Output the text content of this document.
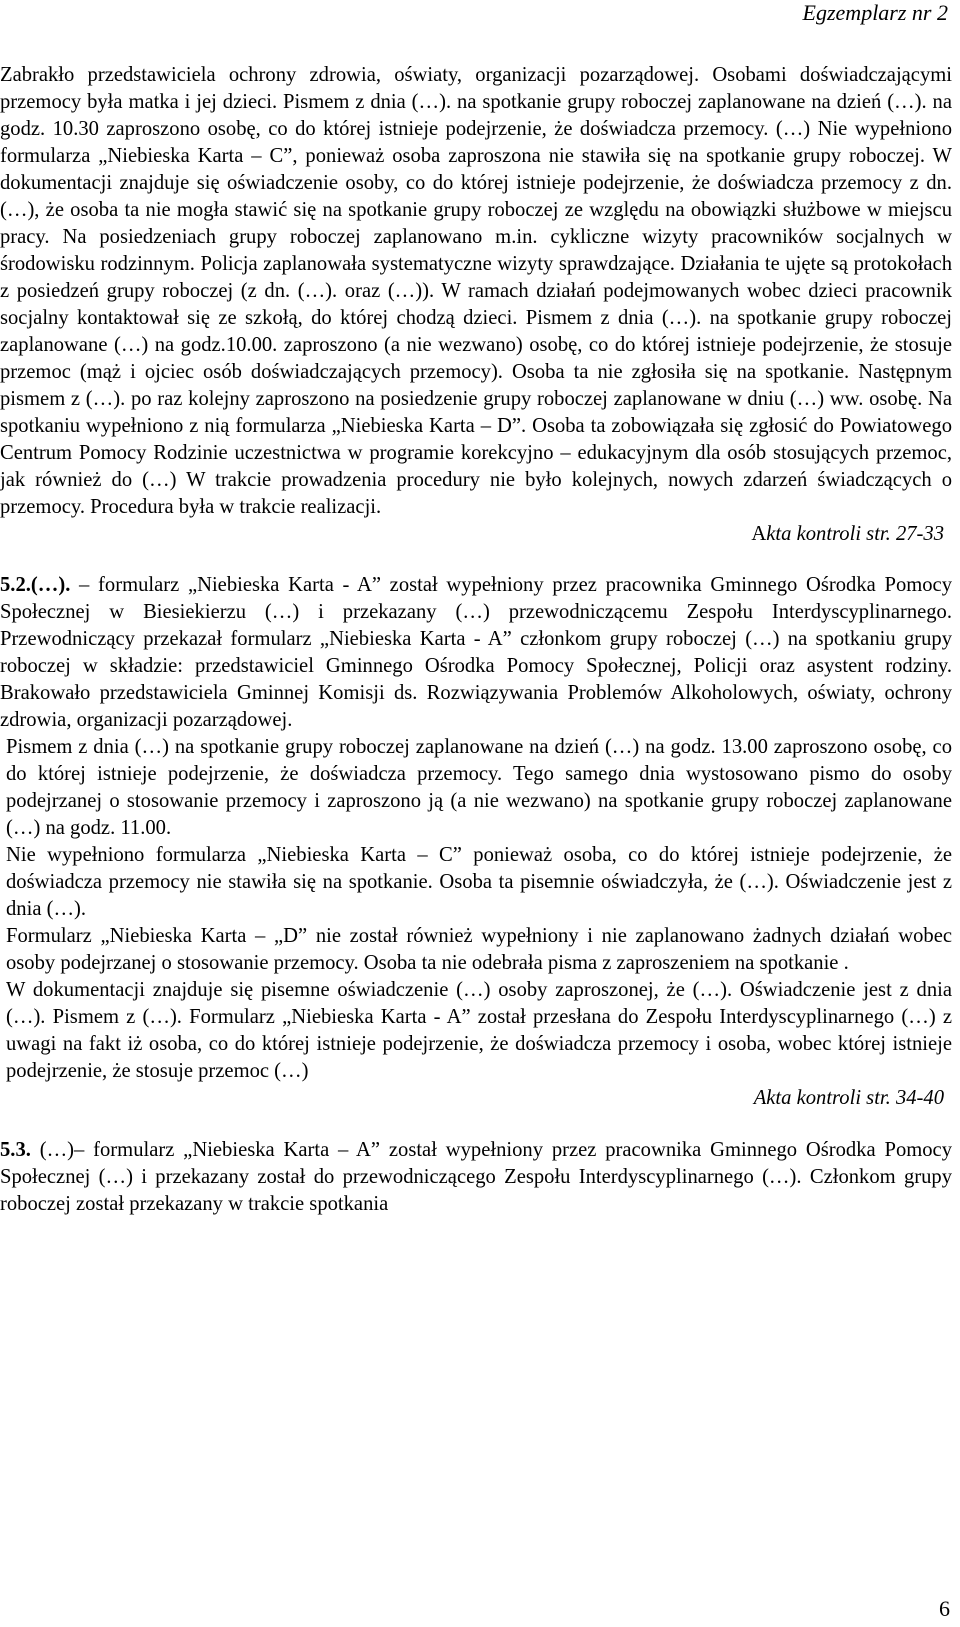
Egzemplarz nr 2

Zabrakło przedstawiciela ochrony zdrowia, oświaty, organizacji pozarządowej. Osobami doświadczającymi przemocy była matka i jej dzieci. Pismem z dnia (…). na spotkanie grupy roboczej zaplanowane na dzień (…). na godz. 10.30 zaproszono osobę, co do której istnieje podejrzenie, że doświadcza przemocy. (…) Nie wypełniono formularza „Niebieska Karta – C”, ponieważ osoba zaproszona nie stawiła się na spotkanie grupy roboczej. W dokumentacji znajduje się oświadczenie osoby, co do której istnieje podejrzenie, że doświadcza przemocy z dn. (…), że osoba ta nie mogła stawić się na spotkanie grupy roboczej ze względu na obowiązki służbowe w miejscu pracy. Na posiedzeniach grupy roboczej zaplanowano m.in. cykliczne wizyty pracowników socjalnych w środowisku rodzinnym. Policja zaplanowała systematyczne wizyty sprawdzające. Działania te ujęte są protokołach z posiedzeń grupy roboczej (z dn. (…). oraz (…)). W ramach działań podejmowanych wobec dzieci pracownik socjalny kontaktował się ze szkołą, do której chodzą dzieci. Pismem z dnia (…). na spotkanie grupy roboczej zaplanowane (…) na godz.10.00. zaproszono (a nie wezwano) osobę, co do której istnieje podejrzenie, że stosuje przemoc (mąż i ojciec osób doświadczających przemocy). Osoba ta nie zgłosiła się na spotkanie. Następnym pismem z (…). po raz kolejny zaproszono na posiedzenie grupy roboczej zaplanowane w dniu (…) ww. osobę. Na spotkaniu wypełniono z nią formularza „Niebieska Karta – D”. Osoba ta zobowiązała się zgłosić do Powiatowego Centrum Pomocy Rodzinie uczestnictwa w programie korekcyjno – edukacyjnym dla osób stosujących przemoc, jak również do (…) W trakcie prowadzenia procedury nie było kolejnych, nowych zdarzeń świadczących o przemocy. Procedura była w trakcie realizacji.

Akta kontroli str. 27-33

5.2.(…). – formularz „Niebieska Karta - A” został wypełniony przez pracownika Gminnego Ośrodka Pomocy Społecznej w Biesiekierzu (…) i przekazany (…) przewodniczącemu Zespołu Interdyscyplinarnego. Przewodniczący przekazał formularz „Niebieska Karta - A” członkom grupy roboczej (…) na spotkaniu grupy roboczej w składzie: przedstawiciel Gminnego Ośrodka Pomocy Społecznej, Policji oraz asystent rodziny. Brakowało przedstawiciela Gminnej Komisji ds. Rozwiązywania Problemów Alkoholowych, oświaty, ochrony zdrowia, organizacji pozarządowej.

Pismem z dnia (…) na spotkanie grupy roboczej zaplanowane na dzień (…) na godz. 13.00 zaproszono osobę, co do której istnieje podejrzenie, że doświadcza przemocy. Tego samego dnia wystosowano pismo do osoby podejrzanej o stosowanie przemocy i zaproszono ją (a nie wezwano) na spotkanie grupy roboczej zaplanowane (…) na godz. 11.00.

Nie wypełniono formularza „Niebieska Karta – C” ponieważ osoba, co do której istnieje podejrzenie, że doświadcza przemocy nie stawiła się na spotkanie. Osoba ta pisemnie oświadczyła, że (…). Oświadczenie jest z dnia (…).

Formularz „Niebieska Karta – „D” nie został również wypełniony i nie zaplanowano żadnych działań wobec osoby podejrzanej o stosowanie przemocy. Osoba ta nie odebrała pisma z zaproszeniem na spotkanie .

W dokumentacji znajduje się pisemne oświadczenie (…) osoby zaproszonej, że (…). Oświadczenie jest z dnia (…). Pismem z (…). Formularz „Niebieska Karta - A” został przesłana do Zespołu Interdyscyplinarnego (…) z uwagi na fakt iż osoba, co do której istnieje podejrzenie, że doświadcza przemocy i osoba, wobec której istnieje podejrzenie, że stosuje przemoc (…)

Akta kontroli str. 34-40

5.3. (…)– formularz „Niebieska Karta – A” został wypełniony przez pracownika Gminnego Ośrodka Pomocy Społecznej (…) i przekazany został do przewodniczącego Zespołu Interdyscyplinarnego (…). Członkom grupy roboczej został przekazany w trakcie spotkania

6
